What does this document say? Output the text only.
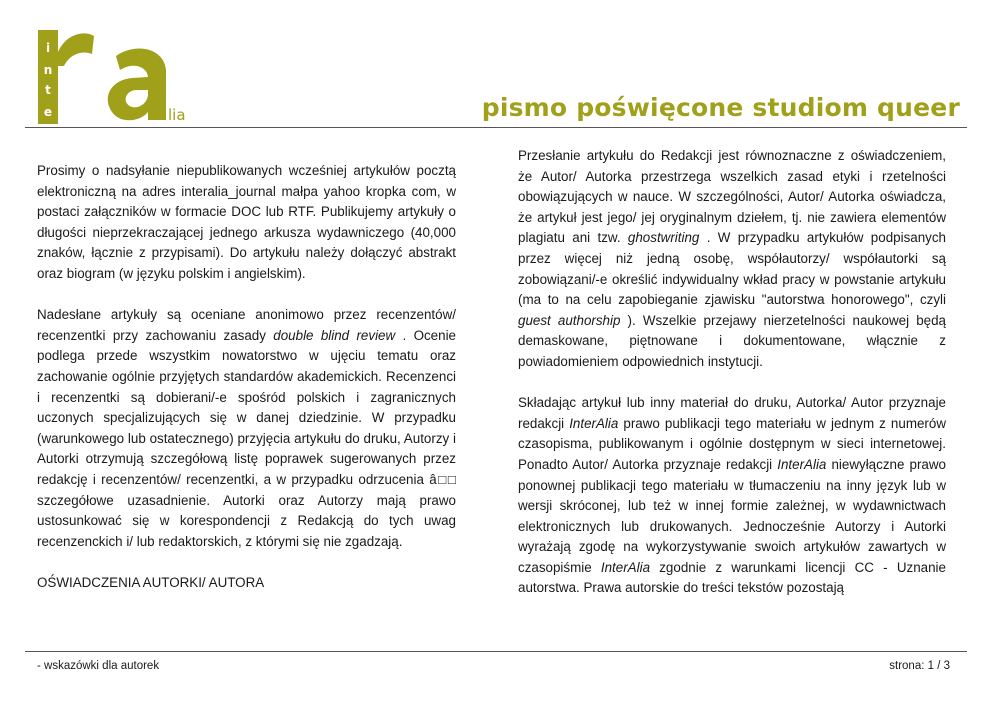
i
n
t
e
ra
lia	pismo poświęcone studiom queer

Prosimy o nadsyłanie niepublikowanych wcześniej artykułów pocztą elektroniczną na adres interalia_journal małpa yahoo kropka com, w postaci załączników w formacie DOC lub RTF. Publikujemy artykuły o długości nieprzekraczającej jednego arkusza wydawniczego (40,000 znaków, łącznie z przypisami). Do artykułu należy dołączyć abstrakt oraz biogram (w języku polskim i angielskim).

Nadesłane artykuły są oceniane anonimowo przez recenzentów/ recenzentki przy zachowaniu zasady double blind review . Ocenie podlega przede wszystkim nowatorstwo w ujęciu tematu oraz zachowanie ogólnie przyjętych standardów akademickich. Recenzenci i recenzentki są dobierani/-e spośród polskich i zagranicznych uczonych specjalizujących się w danej dziedzinie. W przypadku (warunkowego lub ostatecznego) przyjęcia artykułu do druku, Autorzy i Autorki otrzymują szczegółową listę poprawek sugerowanych przez redakcję i recenzentów/ recenzentki, a w przypadku odrzucenia â□□ szczegółowe uzasadnienie. Autorki oraz Autorzy mają prawo ustosunkować się w korespondencji z Redakcją do tych uwag recenzenckich i/ lub redaktorskich, z którymi się nie zgadzają.

OŚWIADCZENIA AUTORKI/ AUTORA

Przesłanie artykułu do Redakcji jest równoznaczne z oświadczeniem, że Autor/ Autorka przestrzega wszelkich zasad etyki i rzetelności obowiązujących w nauce. W szczególności, Autor/ Autorka oświadcza, że artykuł jest jego/ jej oryginalnym dziełem, tj. nie zawiera elementów plagiatu ani tzw. ghostwriting . W przypadku artykułów podpisanych przez więcej niż jedną osobę, współautorzy/ współautorki są zobowiązani/-e określić indywidualny wkład pracy w powstanie artykułu (ma to na celu zapobieganie zjawisku "autorstwa honorowego", czyli guest authorship ). Wszelkie przejawy nierzetelności naukowej będą demaskowane, piętnowane i dokumentowane, włącznie z powiadomieniem odpowiednich instytucji.

Składając artykuł lub inny materiał do druku, Autorka/ Autor przyznaje redakcji InterAlia prawo publikacji tego materiału w jednym z numerów czasopisma, publikowanym i ogólnie dostępnym w sieci internetowej. Ponadto Autor/ Autorka przyznaje redakcji InterAlia niewyłączne prawo ponownej publikacji tego materiału w tłumaczeniu na inny język lub w wersji skróconej, lub też w innej formie zależnej, w wydawnictwach elektronicznych lub drukowanych. Jednocześnie Autorzy i Autorki wyrażają zgodę na wykorzystywanie swoich artykułów zawartych w czasopiśmie InterAlia zgodnie z warunkami licencji CC - Uznanie autorstwa. Prawa autorskie do treści tekstów pozostają

- wskazówki dla autorek	strona: 1 / 3
